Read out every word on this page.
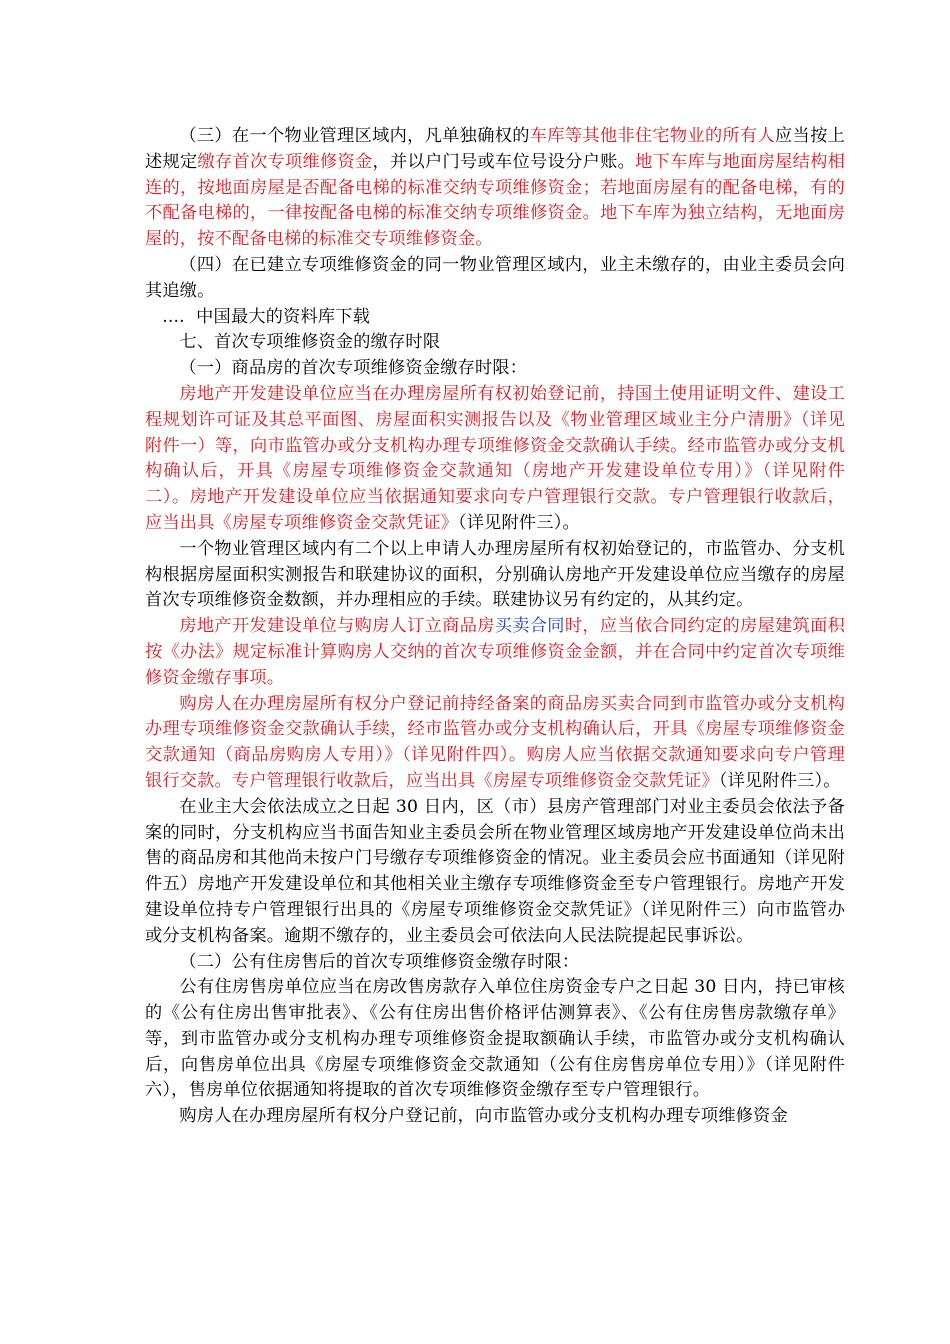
（三）在一个物业管理区域内，凡单独确权的车库等其他非住宅物业的所有人应当按上述规定缴存首次专项维修资金，并以户门号或车位号设分户账。地下车库与地面房屋结构相连的，按地面房屋是否配备电梯的标准交纳专项维修资金；若地面房屋有的配备电梯，有的不配备电梯的，一律按配备电梯的标准交纳专项维修资金。地下车库为独立结构，无地面房屋的，按不配备电梯的标准交专项维修资金。

（四）在已建立专项维修资金的同一物业管理区域内，业主未缴存的，由业主委员会向其追缴。

....  中国最大的资料库下载

七、首次专项维修资金的缴存时限

（一）商品房的首次专项维修资金缴存时限：

房地产开发建设单位应当在办理房屋所有权初始登记前，持国土使用证明文件、建设工程规划许可证及其总平面图、房屋面积实测报告以及《物业管理区域业主分户清册》（详见附件一）等，向市监管办或分支机构办理专项维修资金交款确认手续。经市监管办或分支机构确认后，开具《房屋专项维修资金交款通知（房地产开发建设单位专用）》（详见附件二）。房地产开发建设单位应当依据通知要求向专户管理银行交款。专户管理银行收款后，应当出具《房屋专项维修资金交款凭证》（详见附件三）。

一个物业管理区域内有二个以上申请人办理房屋所有权初始登记的，市监管办、分支机构根据房屋面积实测报告和联建协议的面积，分别确认房地产开发建设单位应当缴存的房屋首次专项维修资金数额，并办理相应的手续。联建协议另有约定的，从其约定。

房地产开发建设单位与购房人订立商品房买卖合同时，应当依合同约定的房屋建筑面积按《办法》规定标准计算购房人交纳的首次专项维修资金金额，并在合同中约定首次专项维修资金缴存事项。

购房人在办理房屋所有权分户登记前持经备案的商品房买卖合同到市监管办或分支机构办理专项维修资金交款确认手续，经市监管办或分支机构确认后，开具《房屋专项维修资金交款通知（商品房购房人专用）》（详见附件四）。购房人应当依据交款通知要求向专户管理银行交款。专户管理银行收款后，应当出具《房屋专项维修资金交款凭证》（详见附件三）。

在业主大会依法成立之日起 30 日内，区（市）县房产管理部门对业主委员会依法予备案的同时，分支机构应当书面告知业主委员会所在物业管理区域房地产开发建设单位尚未出售的商品房和其他尚未按户门号缴存专项维修资金的情况。业主委员会应书面通知（详见附件五）房地产开发建设单位和其他相关业主缴存专项维修资金至专户管理银行。房地产开发建设单位持专户管理银行出具的《房屋专项维修资金交款凭证》（详见附件三）向市监管办或分支机构备案。逾期不缴存的，业主委员会可依法向人民法院提起民事诉讼。

（二）公有住房售后的首次专项维修资金缴存时限：

公有住房售房单位应当在房改售房款存入单位住房资金专户之日起 30 日内，持已审核的《公有住房出售审批表》、《公有住房出售价格评估测算表》、《公有住房售房款缴存单》等，到市监管办或分支机构办理专项维修资金提取额确认手续，市监管办或分支机构确认后，向售房单位出具《房屋专项维修资金交款通知（公有住房售房单位专用）》（详见附件六），售房单位依据通知将提取的首次专项维修资金缴存至专户管理银行。

购房人在办理房屋所有权分户登记前，向市监管办或分支机构办理专项维修资金
